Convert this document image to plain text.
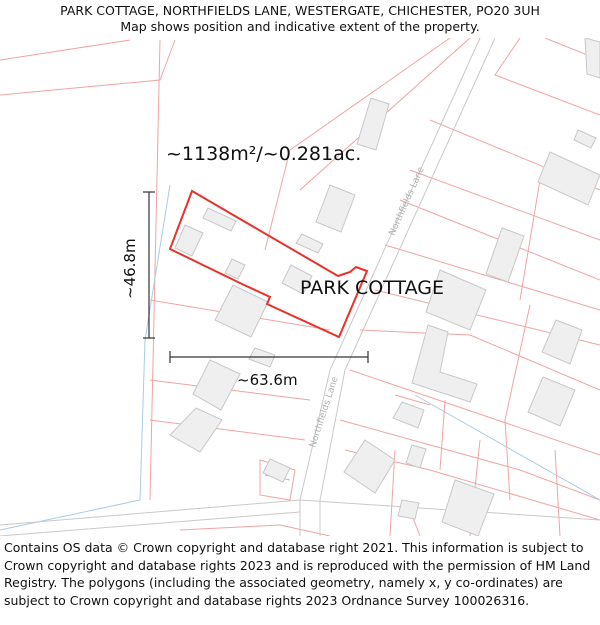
PARK COTTAGE, NORTHFIELDS LANE, WESTERGATE, CHICHESTER, PO20 3UH
Map shows position and indicative extent of the property.
Northfields Lane
Northfields Lane
~1138m²/~0.281ac.
PARK COTTAGE
~46.8m
~63.6m
Contains OS data © Crown copyright and database right 2021. This information is subject to Crown copyright and database rights 2023 and is reproduced with the permission of HM Land Registry. The polygons (including the associated geometry, namely x, y co-ordinates) are subject to Crown copyright and database rights 2023 Ordnance Survey 100026316.
